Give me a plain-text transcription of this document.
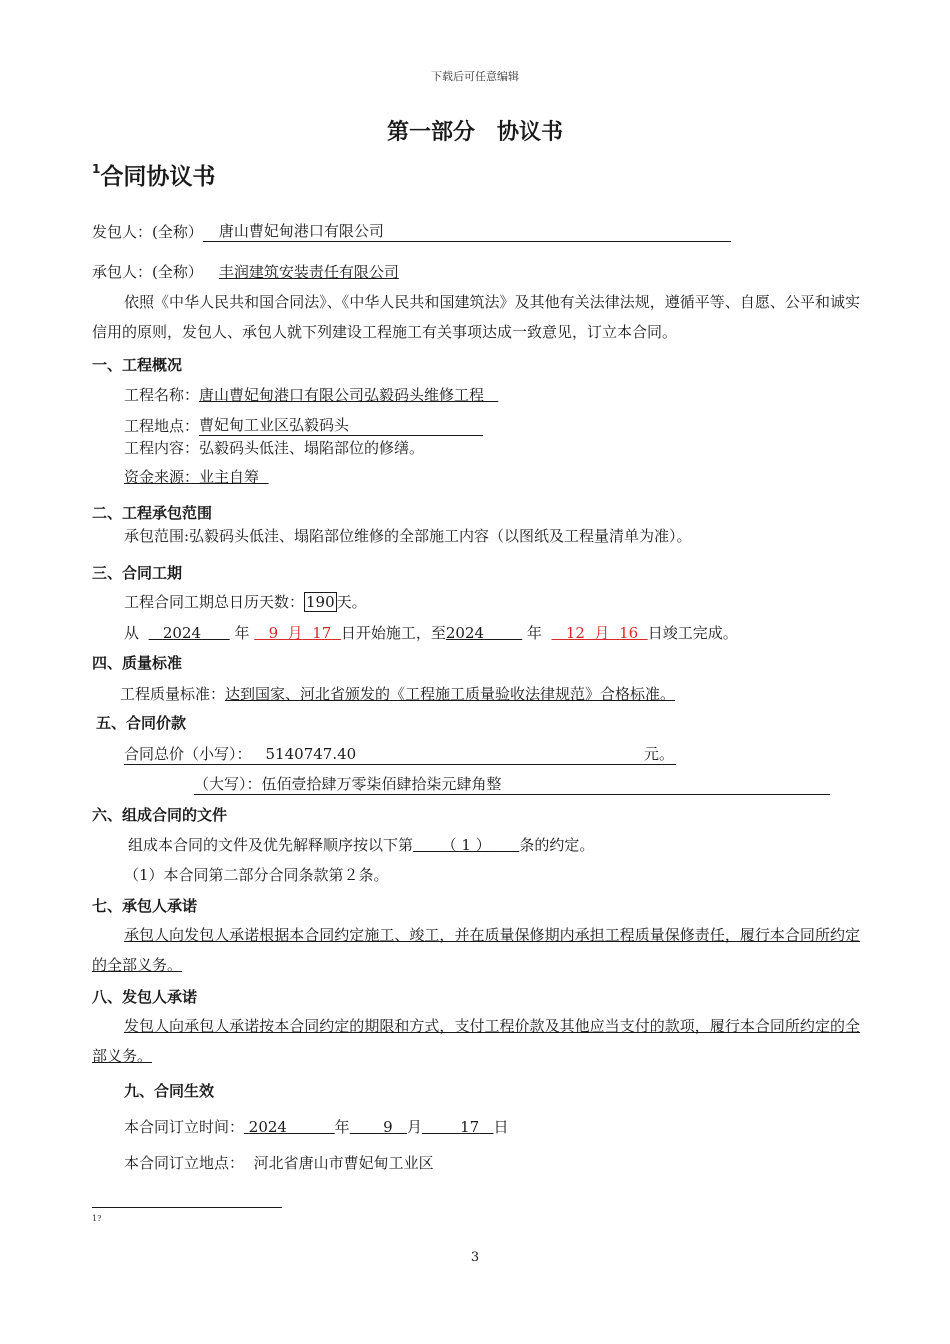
下载后可任意编辑
第一部分　协议书
$^1$合同协议书
发包人：(全称） 唐山曹妃甸港口有限公司
承包人：(全称） 丰润建筑安装责任有限公司
依照《中华人民共和国合同法》、《中华人民共和国建筑法》及其他有关法律法规，遵循平等、自愿、公平和诚实信用的原则，发包人、承包人就下列建设工程施工有关事项达成一致意见，订立本合同。
一、工程概况
工程名称：唐山曹妃甸港口有限公司弘毅码头维修工程
工程地点：曹妃甸工业区弘毅码头
工程内容：弘毅码头低洼、塌陷部位的修缮。
资金来源：业主自筹
二、工程承包范围
承包范围:弘毅码头低洼、塌陷部位维修的全部施工内容（以图纸及工程量清单为准）。
三、合同工期
工程合同工期总日历天数： 190 天。
从 2024 年 9 月 17 日开始施工，至2024	年 12 月 16 日竣工完成。
四、质量标准
工程质量标准：达到国家、河北省颁发的《工程施工质量验收法律规范》合格标准。
五、合同价款
合同总价（小写）： 5140747.40	元。
（大写）：伍佰壹拾肆万零柒佰肆拾柒元肆角整
六、组成合同的文件
组成本合同的文件及优先解释顺序按以下第 （ 1 ） 条的约定。
（1）本合同第二部分合同条款第２条。
七、承包人承诺
承包人向发包人承诺根据本合同约定施工、竣工，并在质量保修期内承担工程质量保修责任，履行本合同所约定的全部义务。
八、发包人承诺
发包人向承包人承诺按本合同约定的期限和方式，支付工程价款及其他应当支付的款项，履行本合同所约定的全部义务。
九、合同生效
本合同订立时间： 2024	年 9 月	17 日
本合同订立地点： 河北省唐山市曹妃甸工业区
1?
3
